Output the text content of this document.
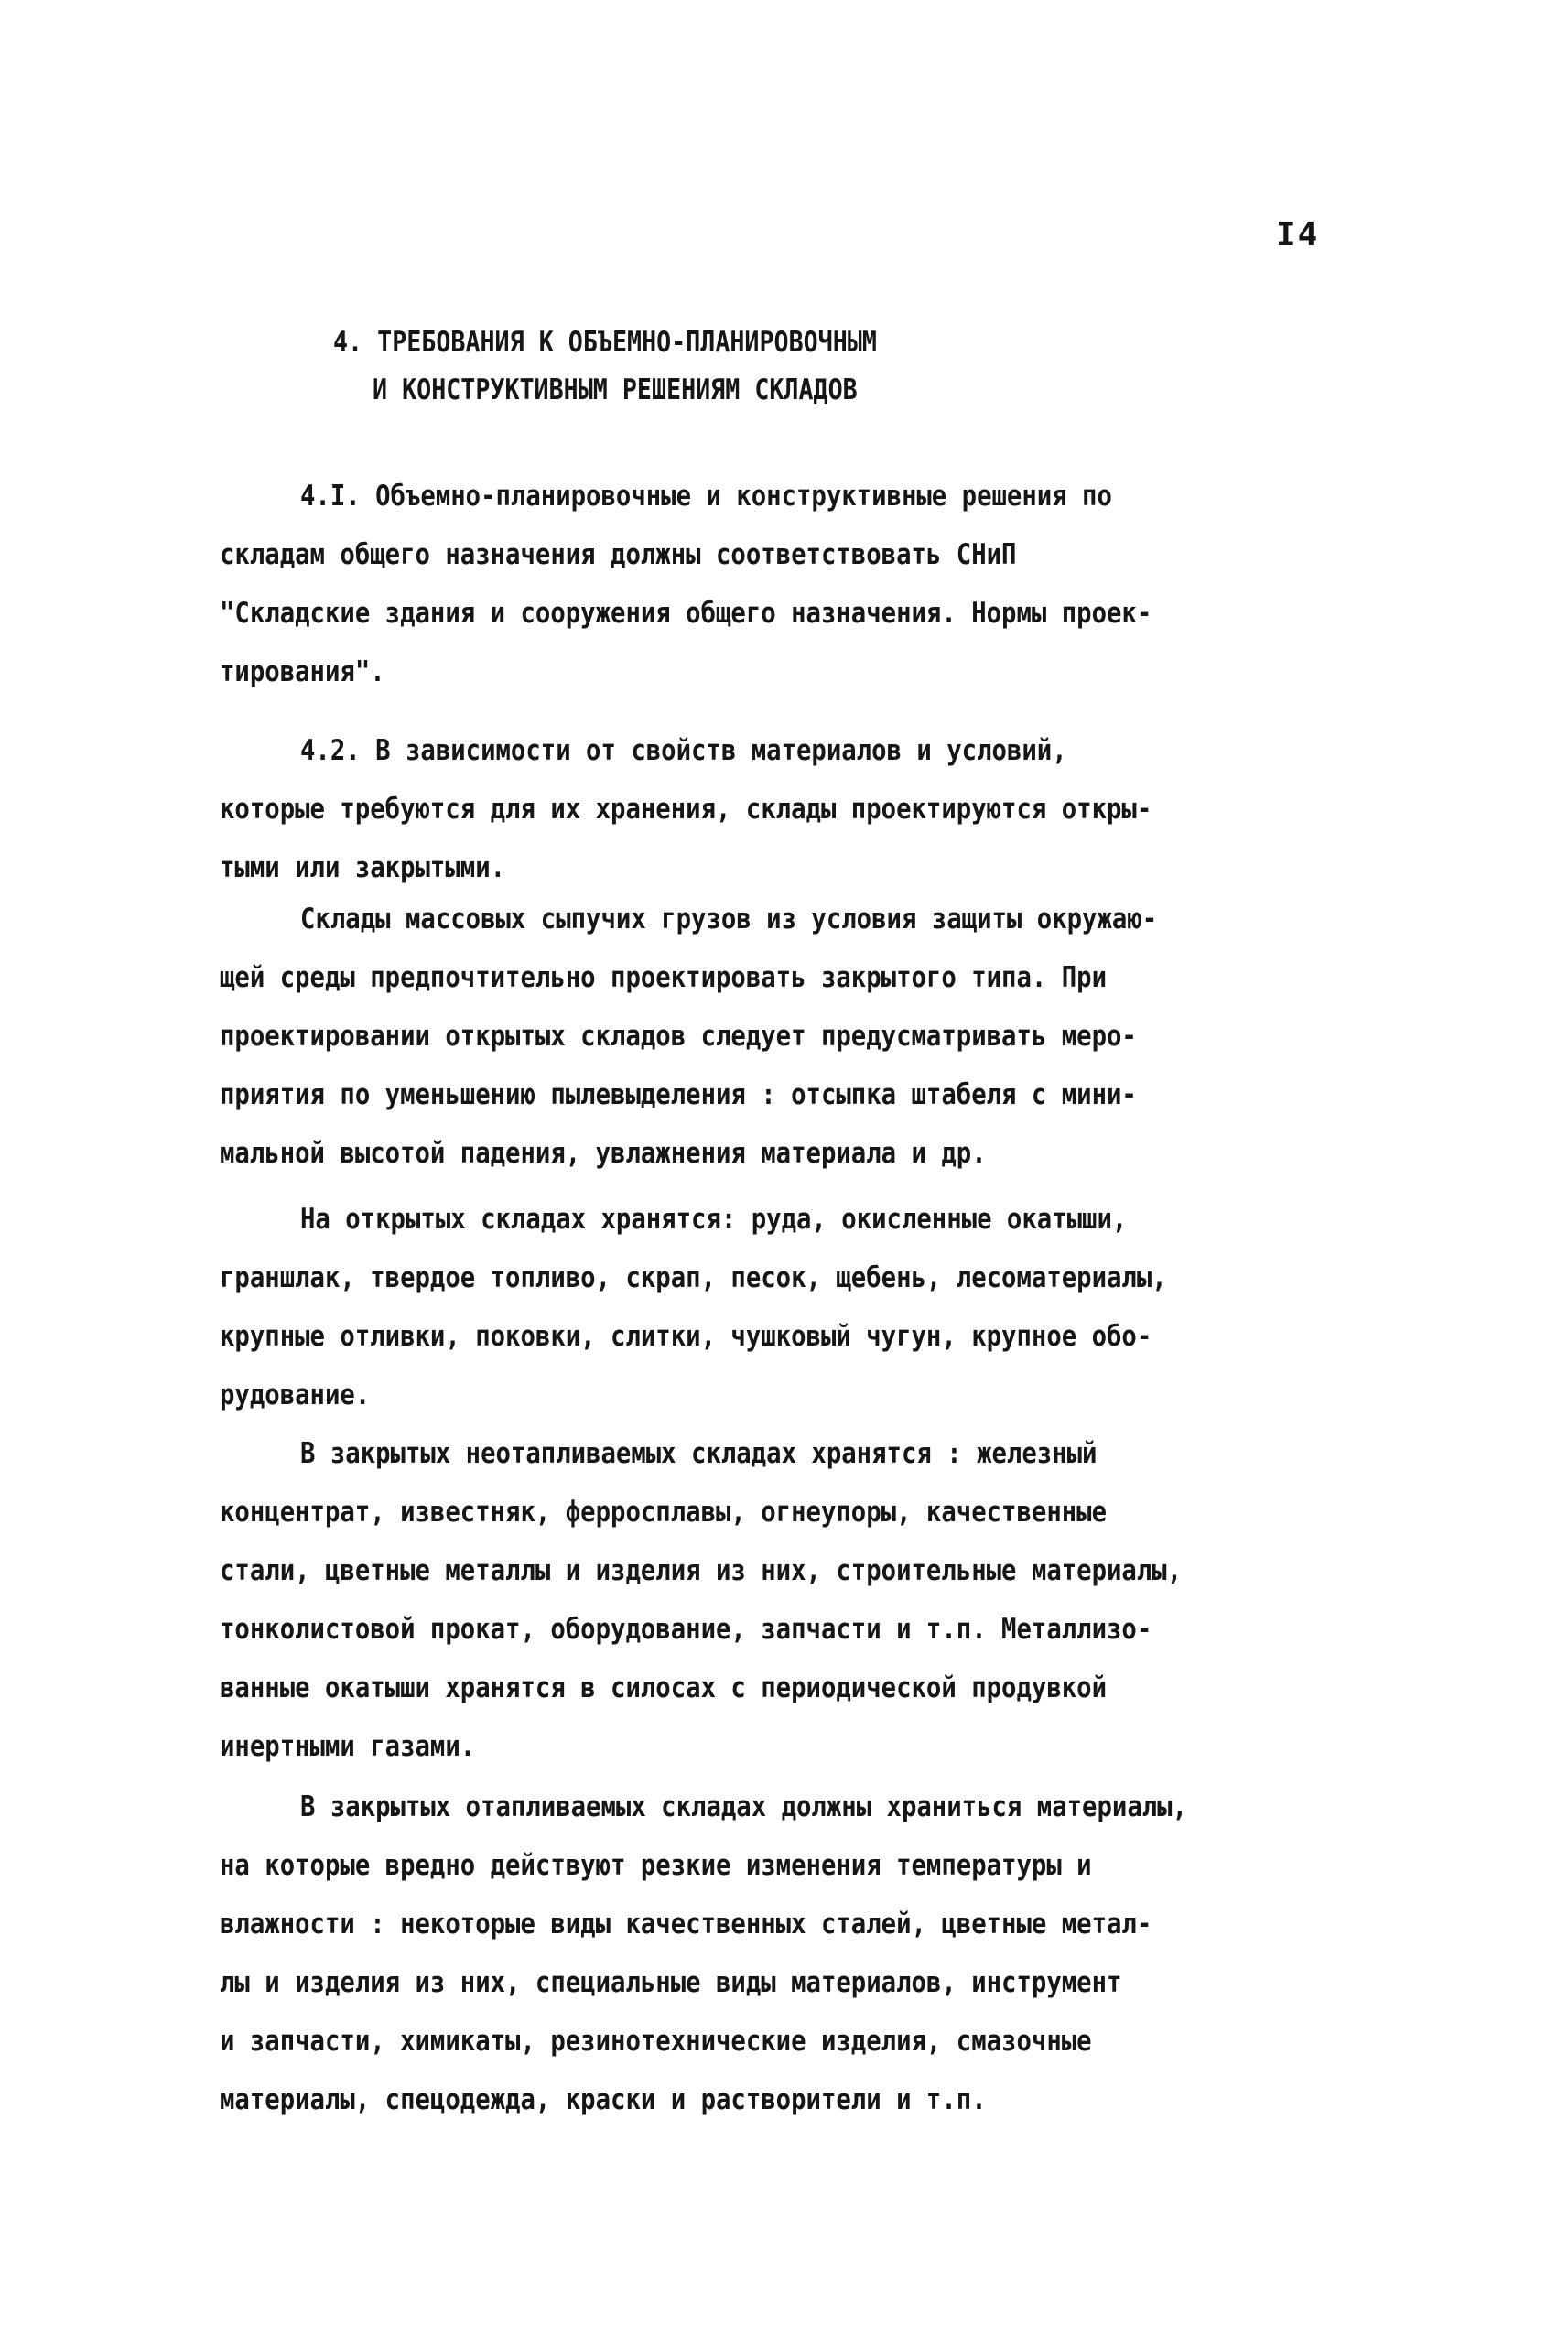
I4
4. ТРЕБОВАНИЯ К ОБЪЕМНО-ПЛАНИРОВОЧНЫМ
И КОНСТРУКТИВНЫМ РЕШЕНИЯМ СКЛАДОВ
4.I. Объемно-планировочные и конструктивные решения по
складам общего назначения должны соответствовать СНиП
"Складские здания и сооружения общего назначения. Нормы проек-
тирования".
4.2. В зависимости от свойств материалов и условий,
которые требуются для их хранения, склады проектируются откры-
тыми или закрытыми.
Склады массовых сыпучих грузов из условия защиты окружаю-
щей среды предпочтительно проектировать закрытого типа. При
проектировании открытых складов следует предусматривать меро-
приятия по уменьшению пылевыделения : отсыпка штабеля с мини-
мальной высотой падения, увлажнения материала и др.
На открытых складах хранятся: руда, окисленные окатыши,
граншлак, твердое топливо, скрап, песок, щебень, лесоматериалы,
крупные отливки, поковки, слитки, чушковый чугун, крупное обо-
рудование.
В закрытых неотапливаемых складах хранятся : железный
концентрат, известняк, ферросплавы, огнеупоры, качественные
стали, цветные металлы и изделия из них, строительные материалы,
тонколистовой прокат, оборудование, запчасти и т.п. Металлизо-
ванные окатыши хранятся в силосах с периодической продувкой
инертными газами.
В закрытых отапливаемых складах должны храниться материалы,
на которые вредно действуют резкие изменения температуры и
влажности : некоторые виды качественных сталей, цветные метал-
лы и изделия из них, специальные виды материалов, инструмент
и запчасти, химикаты, резинотехнические изделия, смазочные
материалы, спецодежда, краски и растворители и т.п.
